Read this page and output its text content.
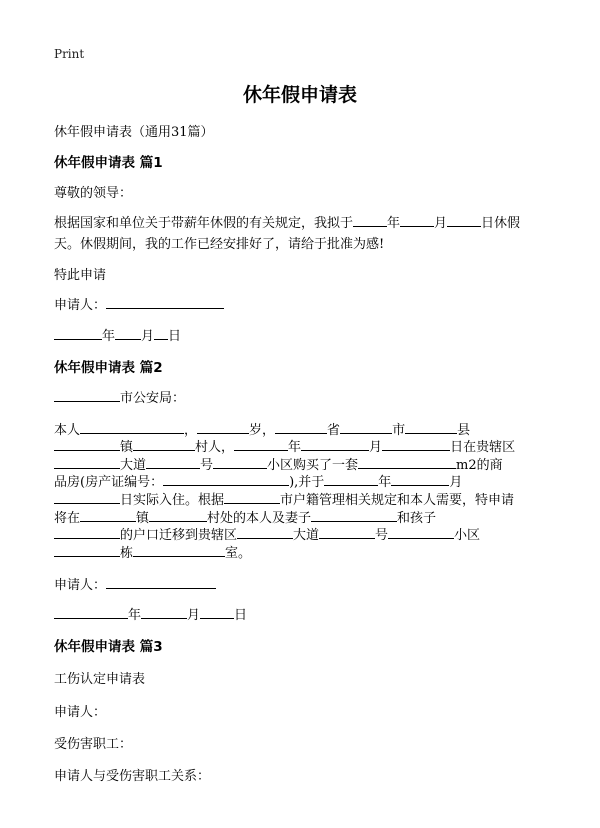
Print
休年假申请表
休年假申请表（通用31篇）
休年假申请表 篇1
尊敬的领导：
根据国家和单位关于带薪年休假的有关规定，我拟于	年	月	日休假
天。休假期间，我的工作已经安排好了，请给于批准为感!
特此申请
申请人：
年 月 日
休年假申请表 篇2
市公安局：
本人	，	岁，	省	市	县
镇	村人，	年	月	日在贵辖区
大道	号	小区购买了一套	m2的商
品房(房产证编号：	),并于	年	月
日实际入住。根据	市户籍管理相关规定和本人需要，特申请
将在	镇	村处的本人及妻子	和孩子
的户口迁移到贵辖区	大道	号	小区
栋	室。
申请人：
年	月	日
休年假申请表 篇3
工伤认定申请表
申请人：
受伤害职工：
申请人与受伤害职工关系：
